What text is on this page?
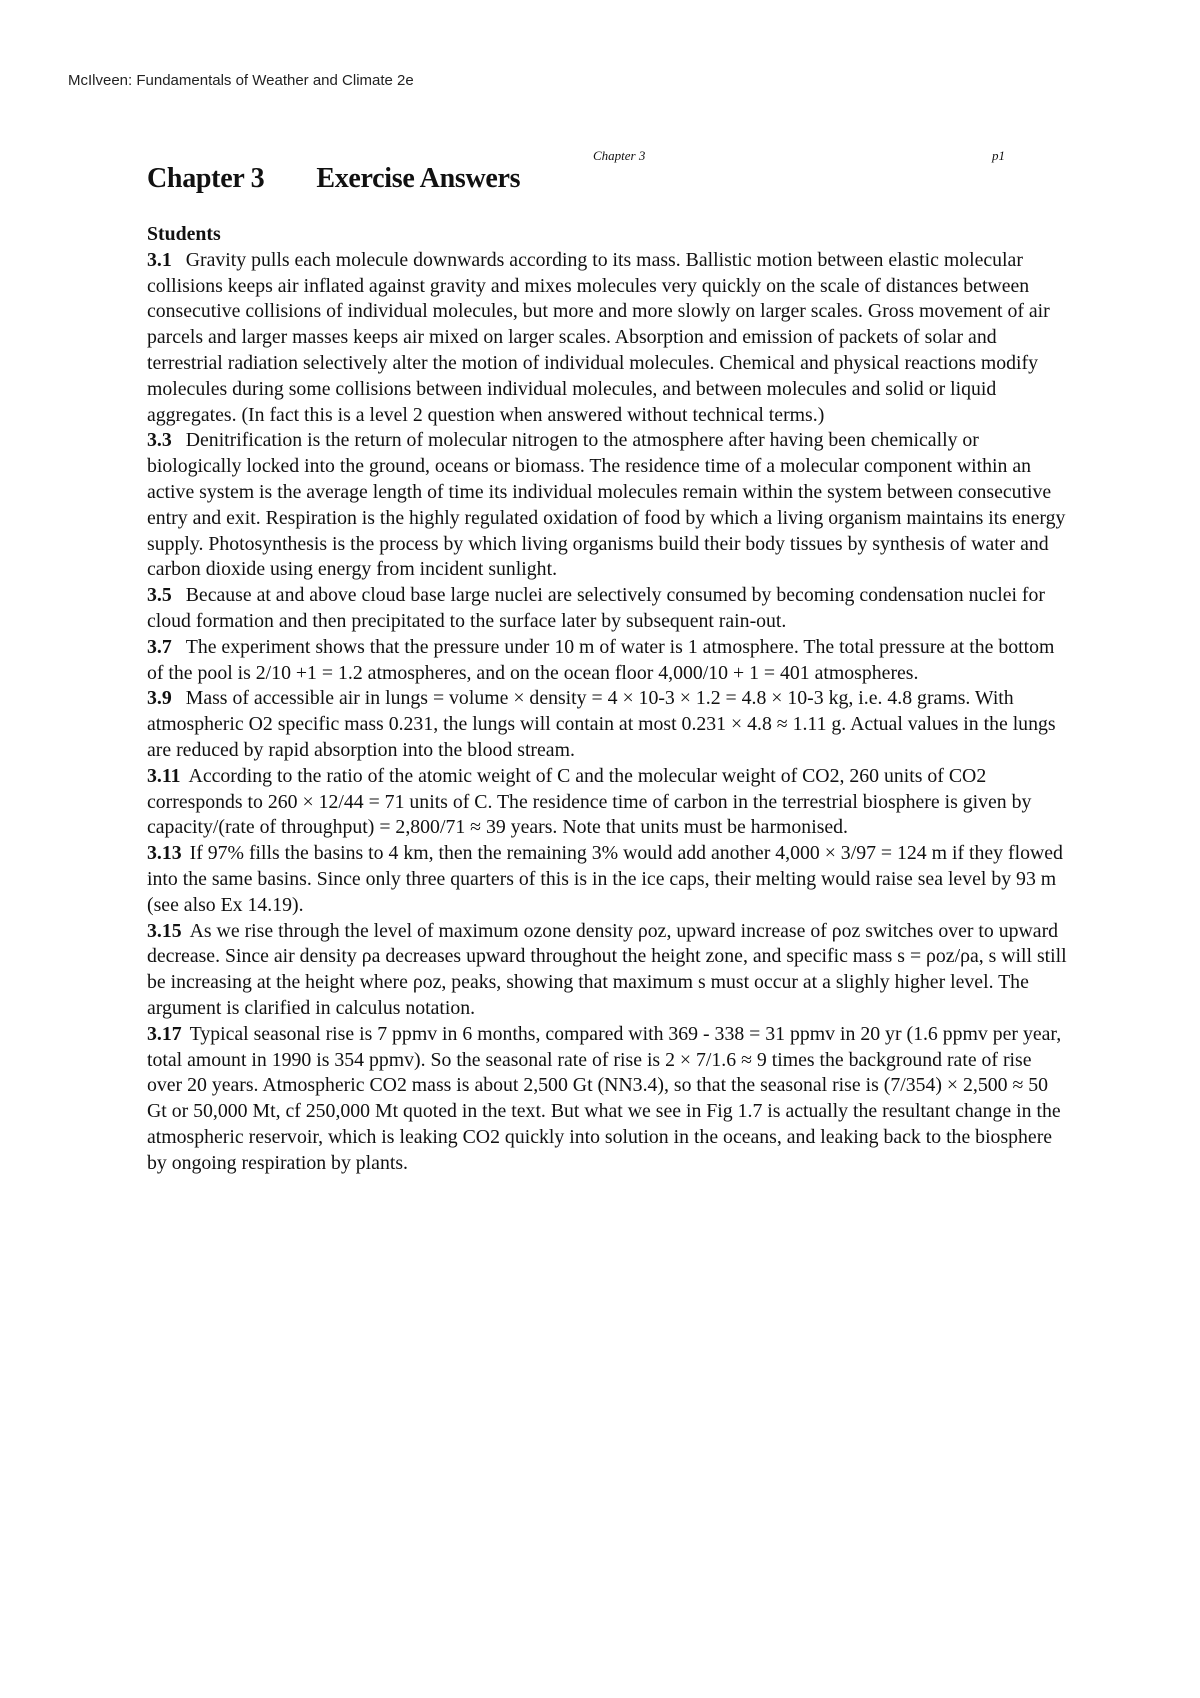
McIlveen: Fundamentals of Weather and Climate 2e
Chapter 3	p1
Chapter 3 Exercise Answers

Students

3.1 Gravity pulls each molecule downwards according to its mass. Ballistic motion between elastic molecular collisions keeps air inflated against gravity and mixes molecules very quickly on the scale of distances between consecutive collisions of individual molecules, but more and more slowly on larger scales. Gross movement of air parcels and larger masses keeps air mixed on larger scales. Absorption and emission of packets of solar and terrestrial radiation selectively alter the motion of individual molecules. Chemical and physical reactions modify molecules during some collisions between individual molecules, and between molecules and solid or liquid aggregates. (In fact this is a level 2 question when answered without technical terms.)

3.3 Denitrification is the return of molecular nitrogen to the atmosphere after having been chemically or biologically locked into the ground, oceans or biomass. The residence time of a molecular component within an active system is the average length of time its individual molecules remain within the system between consecutive entry and exit. Respiration is the highly regulated oxidation of food by which a living organism maintains its energy supply. Photosynthesis is the process by which living organisms build their body tissues by synthesis of water and carbon dioxide using energy from incident sunlight.

3.5 Because at and above cloud base large nuclei are selectively consumed by becoming condensation nuclei for cloud formation and then precipitated to the surface later by subsequent rain-out.

3.7 The experiment shows that the pressure under 10 m of water is 1 atmosphere. The total pressure at the bottom of the pool is 2/10 +1 = 1.2 atmospheres, and on the ocean floor 4,000/10 + 1 = 401 atmospheres.

3.9 Mass of accessible air in lungs = volume × density = 4 × 10-3 × 1.2 = 4.8 × 10-3 kg, i.e. 4.8 grams. With atmospheric O2 specific mass 0.231, the lungs will contain at most 0.231 × 4.8 ≈ 1.11 g. Actual values in the lungs are reduced by rapid absorption into the blood stream.

3.11 According to the ratio of the atomic weight of C and the molecular weight of CO2, 260 units of CO2 corresponds to 260 × 12/44 = 71 units of C. The residence time of carbon in the terrestrial biosphere is given by capacity/(rate of throughput) = 2,800/71 ≈ 39 years. Note that units must be harmonised.

3.13 If 97% fills the basins to 4 km, then the remaining 3% would add another 4,000 × 3/97 = 124 m if they flowed into the same basins. Since only three quarters of this is in the ice caps, their melting would raise sea level by 93 m (see also Ex 14.19).

3.15 As we rise through the level of maximum ozone density ρoz, upward increase of ρoz switches over to upward decrease. Since air density ρa decreases upward throughout the height zone, and specific mass s = ρoz/ρa, s will still be increasing at the height where ρoz, peaks, showing that maximum s must occur at a slighly higher level. The argument is clarified in calculus notation.

3.17 Typical seasonal rise is 7 ppmv in 6 months, compared with 369 - 338 = 31 ppmv in 20 yr (1.6 ppmv per year, total amount in 1990 is 354 ppmv). So the seasonal rate of rise is 2 × 7/1.6 ≈ 9 times the background rate of rise over 20 years. Atmospheric CO2 mass is about 2,500 Gt (NN3.4), so that the seasonal rise is (7/354) × 2,500 ≈ 50 Gt or 50,000 Mt, cf 250,000 Mt quoted in the text. But what we see in Fig 1.7 is actually the resultant change in the atmospheric reservoir, which is leaking CO2 quickly into solution in the oceans, and leaking back to the biosphere by ongoing respiration by plants.
